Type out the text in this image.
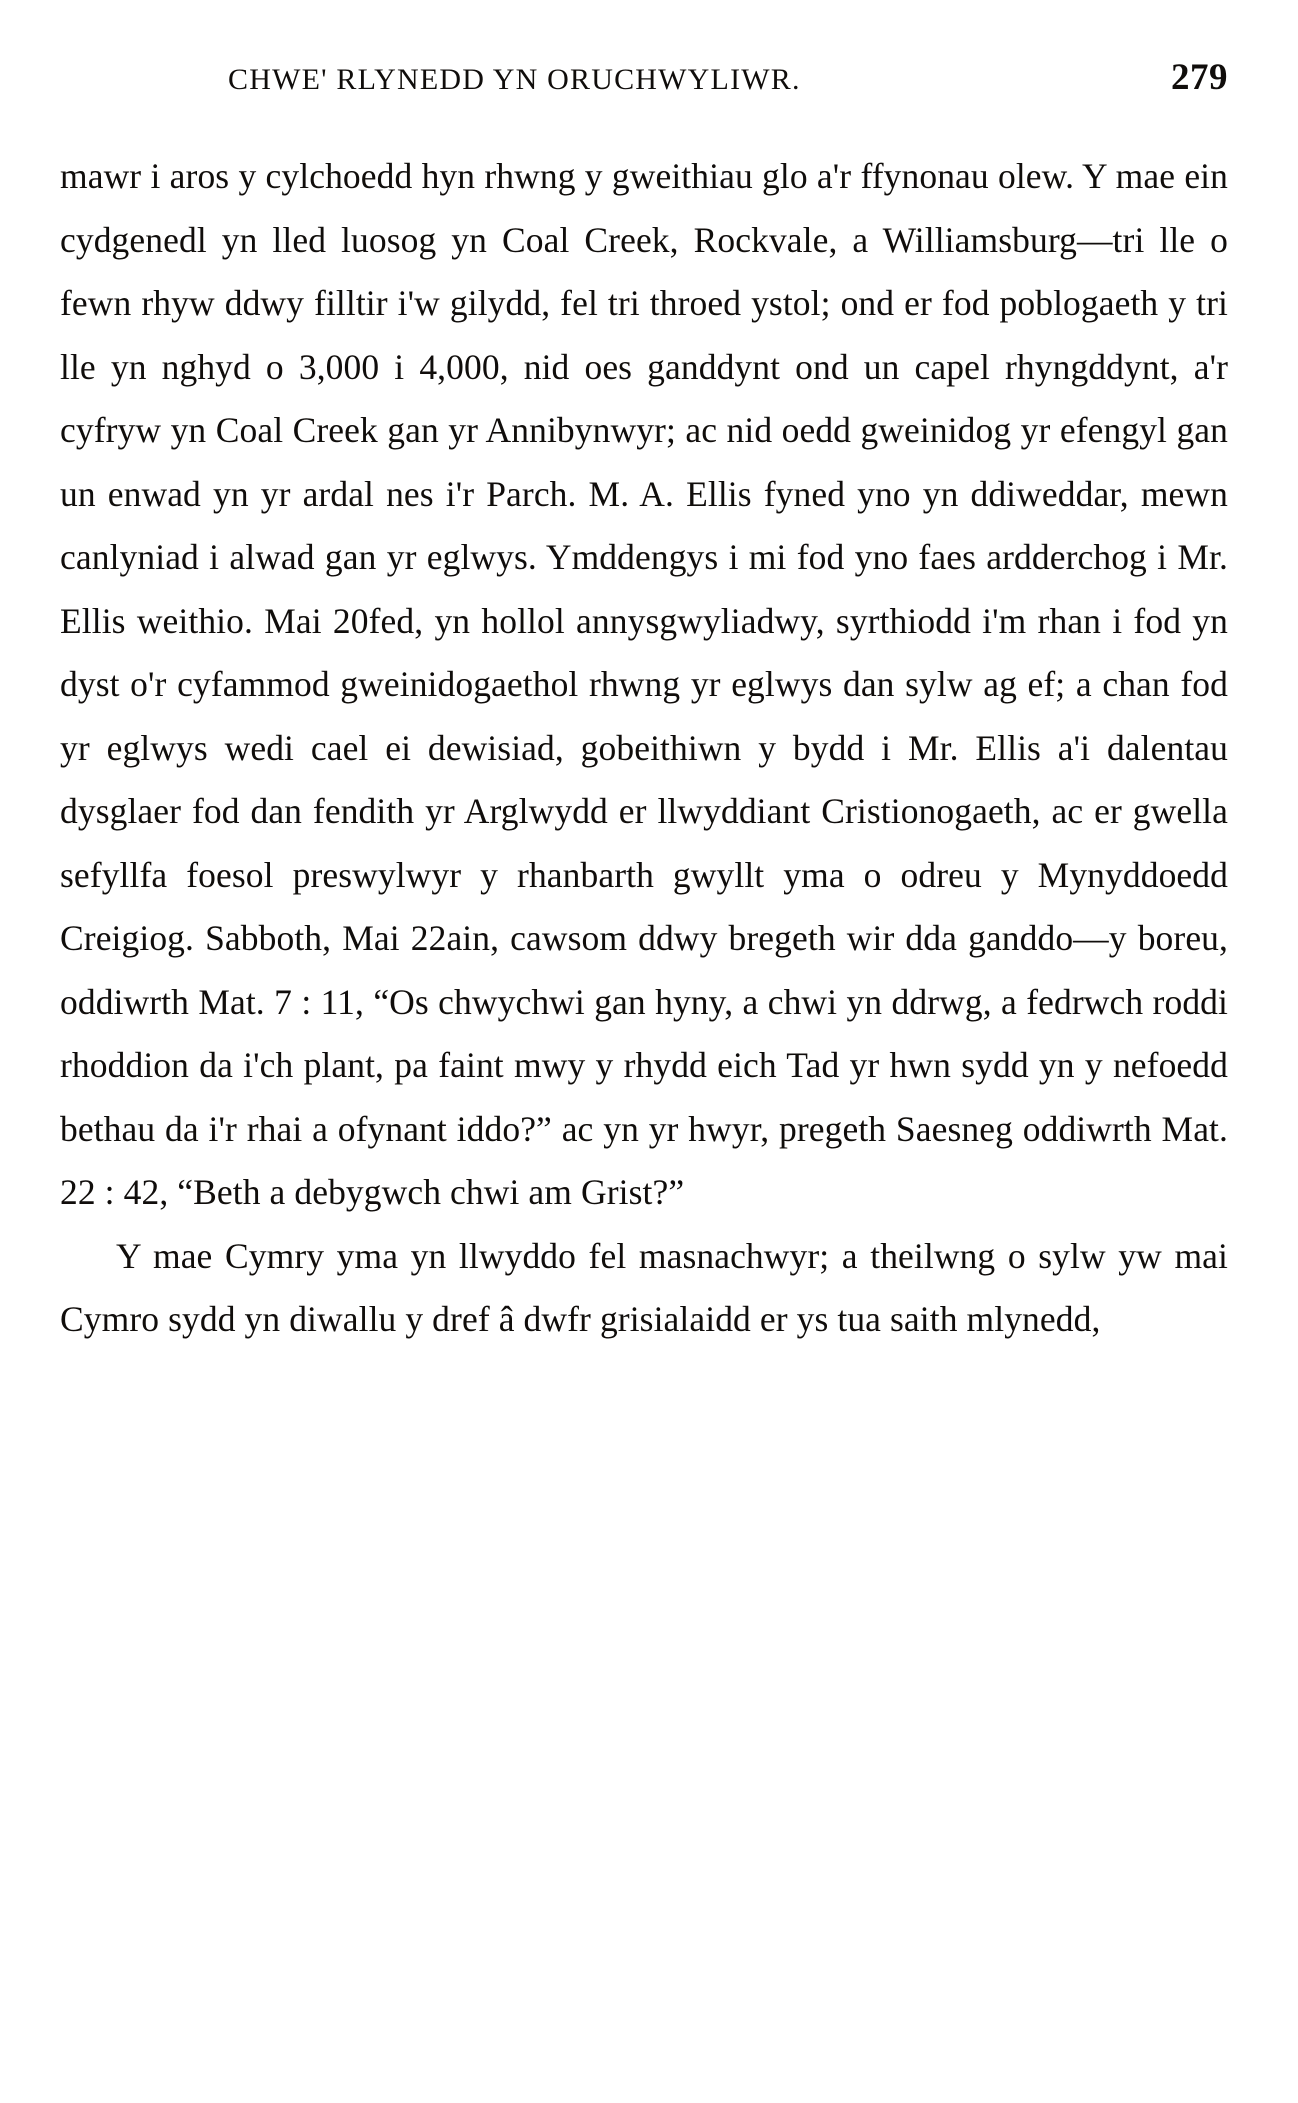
CHWE' RLYNEDD YN ORUCHWYLIWR.	279

mawr i aros y cylchoedd hyn rhwng y gweithiau glo a'r ffynonau olew. Y mae ein cydgenedl yn lled luosog yn Coal Creek, Rockvale, a Williamsburg—tri lle o fewn rhyw ddwy filltir i'w gilydd, fel tri throed ystol; ond er fod poblogaeth y tri lle yn nghyd o 3,000 i 4,000, nid oes ganddynt ond un capel rhyngddynt, a'r cyfryw yn Coal Creek gan yr Annibynwyr; ac nid oedd gweinidog yr efengyl gan un enwad yn yr ardal nes i'r Parch. M. A. Ellis fyned yno yn ddiweddar, mewn canlyniad i alwad gan yr eglwys. Ymddengys i mi fod yno faes ardderchog i Mr. Ellis weithio. Mai 20fed, yn hollol annysgwyliadwy, syrthiodd i'm rhan i fod yn dyst o'r cyfammod gweinidogaethol rhwng yr eglwys dan sylw ag ef; a chan fod yr eglwys wedi cael ei dewisiad, gobeithiwn y bydd i Mr. Ellis a'i dalentau dysglaer fod dan fendith yr Arglwydd er llwyddiant Cristionogaeth, ac er gwella sefyllfa foesol preswylwyr y rhanbarth gwyllt yma o odreu y Mynyddoedd Creigiog. Sabboth, Mai 22ain, cawsom ddwy bregeth wir dda ganddo—y boreu, oddiwrth Mat. 7 : 11, “Os chwychwi gan hyny, a chwi yn ddrwg, a fedrwch roddi rhoddion da i'ch plant, pa faint mwy y rhydd eich Tad yr hwn sydd yn y nefoedd bethau da i'r rhai a ofynant iddo?” ac yn yr hwyr, pregeth Saesneg oddiwrth Mat. 22 : 42, “Beth a debygwch chwi am Grist?”

Y mae Cymry yma yn llwyddo fel masnachwyr; a theilwng o sylw yw mai Cymro sydd yn diwallu y dref â dwfr grisialaidd er ys tua saith mlynedd,
